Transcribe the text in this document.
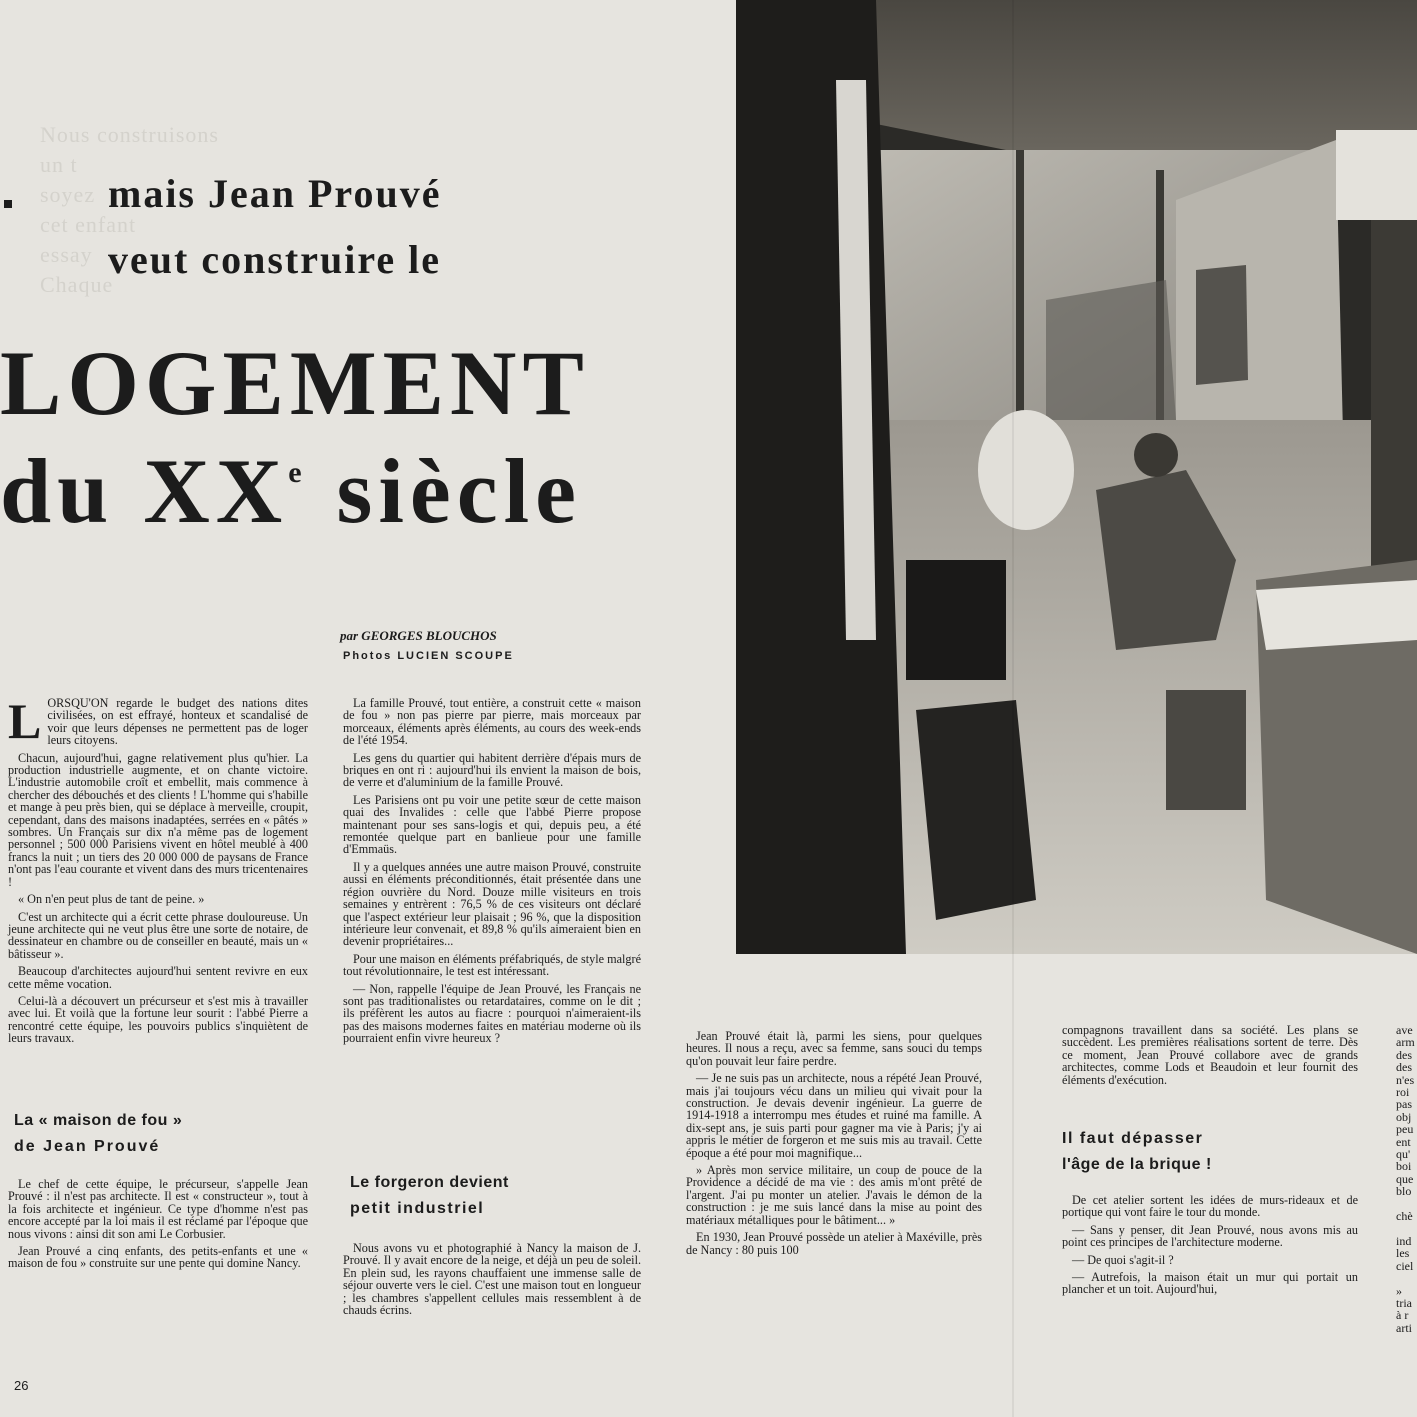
Nous construisons
un t
soyez
cet enfant
essay
Chaque
mais Jean Prouvé
veut construire le
LOGEMENT
du XXe siècle
par GEORGES BLOUCHOS
Photos LUCIEN SCOUPE

LORSQU'ON regarde le budget des nations dites civilisées, on est effrayé, honteux et scandalisé de voir que leurs dépenses ne permettent pas de loger leurs citoyens.

Chacun, aujourd'hui, gagne relativement plus qu'hier. La production industrielle augmente, et on chante victoire. L'industrie automobile croît et embellit, mais commence à chercher des débouchés et des clients ! L'homme qui s'habille et mange à peu près bien, qui se déplace à merveille, croupit, cependant, dans des maisons inadaptées, serrées en « pâtés » sombres. Un Français sur dix n'a même pas de logement personnel ; 500 000 Parisiens vivent en hôtel meublé à 400 francs la nuit ; un tiers des 20 000 000 de paysans de France n'ont pas l'eau courante et vivent dans des murs tricentenaires !

« On n'en peut plus de tant de peine. »

C'est un architecte qui a écrit cette phrase douloureuse. Un jeune architecte qui ne veut plus être une sorte de notaire, de dessinateur en chambre ou de conseiller en beauté, mais un « bâtisseur ».

Beaucoup d'architectes aujourd'hui sentent revivre en eux cette même vocation.

Celui-là a découvert un précurseur et s'est mis à travailler avec lui. Et voilà que la fortune leur sourit : l'abbé Pierre a rencontré cette équipe, les pouvoirs publics s'inquiètent de leurs travaux.

La « maison de fou »
de Jean Prouvé

Le chef de cette équipe, le précurseur, s'appelle Jean Prouvé : il n'est pas architecte. Il est « constructeur », tout à la fois architecte et ingénieur. Ce type d'homme n'est pas encore accepté par la loi mais il est réclamé par l'époque que nous vivons : ainsi dit son ami Le Corbusier.

Jean Prouvé a cinq enfants, des petits-enfants et une « maison de fou » construite sur une pente qui domine Nancy.

La famille Prouvé, tout entière, a construit cette « maison de fou » non pas pierre par pierre, mais morceaux par morceaux, éléments après éléments, au cours des week-ends de l'été 1954.

Les gens du quartier qui habitent derrière d'épais murs de briques en ont ri : aujourd'hui ils envient la maison de bois, de verre et d'aluminium de la famille Prouvé.

Les Parisiens ont pu voir une petite sœur de cette maison quai des Invalides : celle que l'abbé Pierre propose maintenant pour ses sans-logis et qui, depuis peu, a été remontée quelque part en banlieue pour une famille d'Emmaüs.

Il y a quelques années une autre maison Prouvé, construite aussi en éléments préconditionnés, était présentée dans une région ouvrière du Nord. Douze mille visiteurs en trois semaines y entrèrent : 76,5 % de ces visiteurs ont déclaré que l'aspect extérieur leur plaisait ; 96 %, que la disposition intérieure leur convenait, et 89,8 % qu'ils aimeraient bien en devenir propriétaires...

Pour une maison en éléments préfabriqués, de style malgré tout révolutionnaire, le test est intéressant.

— Non, rappelle l'équipe de Jean Prouvé, les Français ne sont pas traditionalistes ou retardataires, comme on le dit ; ils préfèrent les autos au fiacre : pourquoi n'aimeraient-ils pas des maisons modernes faites en matériau moderne où ils pourraient enfin vivre heureux ?

Le forgeron devient
petit industriel

Nous avons vu et photographié à Nancy la maison de J. Prouvé. Il y avait encore de la neige, et déjà un peu de soleil. En plein sud, les rayons chauffaient une immense salle de séjour ouverte vers le ciel. C'est une maison tout en longueur ; les chambres s'appellent cellules mais ressemblent à de chauds écrins.

Jean Prouvé était là, parmi les siens, pour quelques heures. Il nous a reçu, avec sa femme, sans souci du temps qu'on pouvait leur faire perdre.

— Je ne suis pas un architecte, nous a répété Jean Prouvé, mais j'ai toujours vécu dans un milieu qui vivait pour la construction. Je devais devenir ingénieur. La guerre de 1914-1918 a interrompu mes études et ruiné ma famille. A dix-sept ans, je suis parti pour gagner ma vie à Paris; j'y ai appris le métier de forgeron et me suis mis au travail. Cette époque a été pour moi magnifique...

» Après mon service militaire, un coup de pouce de la Providence a décidé de ma vie : des amis m'ont prêté de l'argent. J'ai pu monter un atelier. J'avais le démon de la construction : je me suis lancé dans la mise au point des matériaux métalliques pour le bâtiment... »

En 1930, Jean Prouvé possède un atelier à Maxéville, près de Nancy : 80 puis 100

compagnons travaillent dans sa société. Les plans se succèdent. Les premières réalisations sortent de terre. Dès ce moment, Jean Prouvé collabore avec de grands architectes, comme Lods et Beaudoin et leur fournit des éléments d'exécution.

Il faut dépasser
l'âge de la brique !

De cet atelier sortent les idées de murs-rideaux et de portique qui vont faire le tour du monde.

— Sans y penser, dit Jean Prouvé, nous avons mis au point ces principes de l'architecture moderne.

— De quoi s'agit-il ?

— Autrefois, la maison était un mur qui portait un plancher et un toit. Aujourd'hui,

ave
arm
des
des
n'es
roi
pas
obj
peu
ent
qu'
boi
que
blo

chè

ind
les
ciel

»
tria
à r
arti
26
